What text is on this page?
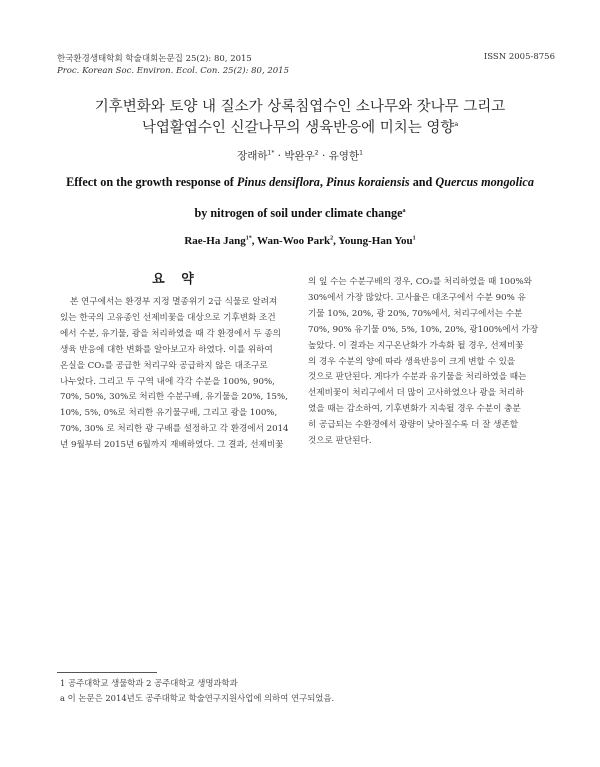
한국환경생태학회 학술대회논문집 25(2): 80, 2015
Proc. Korean Soc. Environ. Ecol. Con. 25(2): 80, 2015
ISSN 2005-8756
기후변화와 토양 내 질소가 상록침엽수인 소나무와 잣나무 그리고
낙엽활엽수인 신갈나무의 생육반응에 미치는 영향$^a$
장래하$^{1*}$ · 박완우$^2$ · 유영한$^1$
Effect on the growth response of Pinus densiflora, Pinus koraiensis and Quercus mongolica
by nitrogen of soil under climate change$^a$
Rae-Ha Jang$^{1*}$, Wan-Woo Park$^2$, Young-Han You$^1$
요 약
본 연구에서는 환경부 지정 멸종위기 2급 식물로 알려져
있는 한국의 고유종인 선제비꽃을 대상으로 기후변화 조건
에서 수분, 유기물, 광을 처리하였을 때 각 환경에서 두 종의
생육 반응에 대한 변화를 알아보고자 하였다. 이를 위하여
온실을 CO₂를 공급한 처리구와 공급하지 않은 대조구로
나누었다. 그리고 두 구역 내에 각각 수분을 100%, 90%,
70%, 50%, 30%로 처리한 수분구배, 유기물을 20%, 15%,
10%, 5%, 0%로 처리한 유기물구배, 그리고 광을 100%,
70%, 30% 로 처리한 광 구배를 설정하고 각 환경에서 2014
년 9월부터 2015년 6월까지 재배하였다. 그 결과, 선제비꽃
의 잎 수는 수분구배의 경우, CO₂를 처리하였을 때 100%와
30%에서 가장 많았다. 고사율은 대조구에서 수분 90% 유
기물 10%, 20%, 광 20%, 70%에서, 처리구에서는 수분
70%, 90% 유기물 0%, 5%, 10%, 20%, 광100%에서 가장
높았다. 이 결과는 지구온난화가 가속화 될 경우, 선제비꽃
의 경우 수분의 양에 따라 생육반응이 크게 변할 수 있을
것으로 판단된다. 게다가 수분과 유기물을 처리하였을 때는
선제비꽃이 처리구에서 더 많이 고사하였으나 광을 처리하
였을 때는 감소하여, 기후변화가 지속될 경우 수분이 충분
히 공급되는 수환경에서 광량이 낮아질수록 더 잘 생존할
것으로 판단된다.
1 공주대학교 생물학과 2 공주대학교 생명과학과
a 이 논문은 2014년도 공주대학교 학술연구지원사업에 의하여 연구되었음.
